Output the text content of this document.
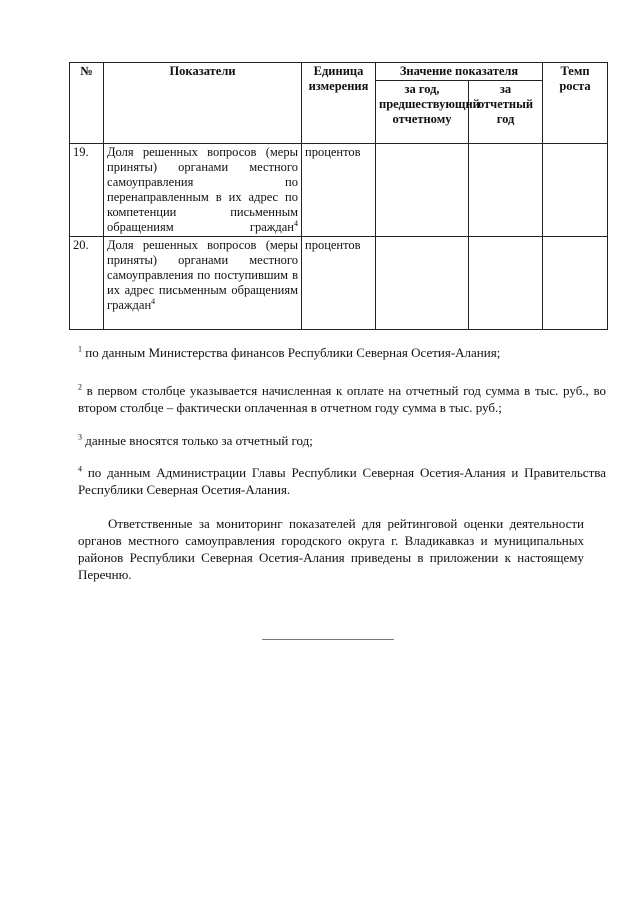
№	Показатели	Единица измерения	Значение показателя		Темп роста
			за год, предшествующий отчетному	за отчетный год	
19.	Доля решенных вопросов (меры приняты) органами местного самоуправления по перенаправленным в их адрес по компетенции письменным обращениям граждан$^4$	процентов			
20.	Доля решенных вопросов (меры приняты) органами местного самоуправления по поступившим в их адрес письменным обращениям граждан$^4$	процентов			

$^1$ по данным Министерства финансов Республики Северная Осетия-Алания;

$^2$ в первом столбце указывается начисленная к оплате на отчетный год сумма в тыс. руб., во втором столбце – фактически оплаченная в отчетном году сумма в тыс. руб.;

$^3$ данные вносятся только за отчетный год;

$^4$ по данным Администрации Главы Республики Северная Осетия-Алания и Правительства Республики Северная Осетия-Алания.

Ответственные за мониторинг показателей для рейтинговой оценки деятельности органов местного самоуправления городского округа г. Владикавказ и муниципальных районов Республики Северная Осетия-Алания приведены в приложении к настоящему Перечню.
